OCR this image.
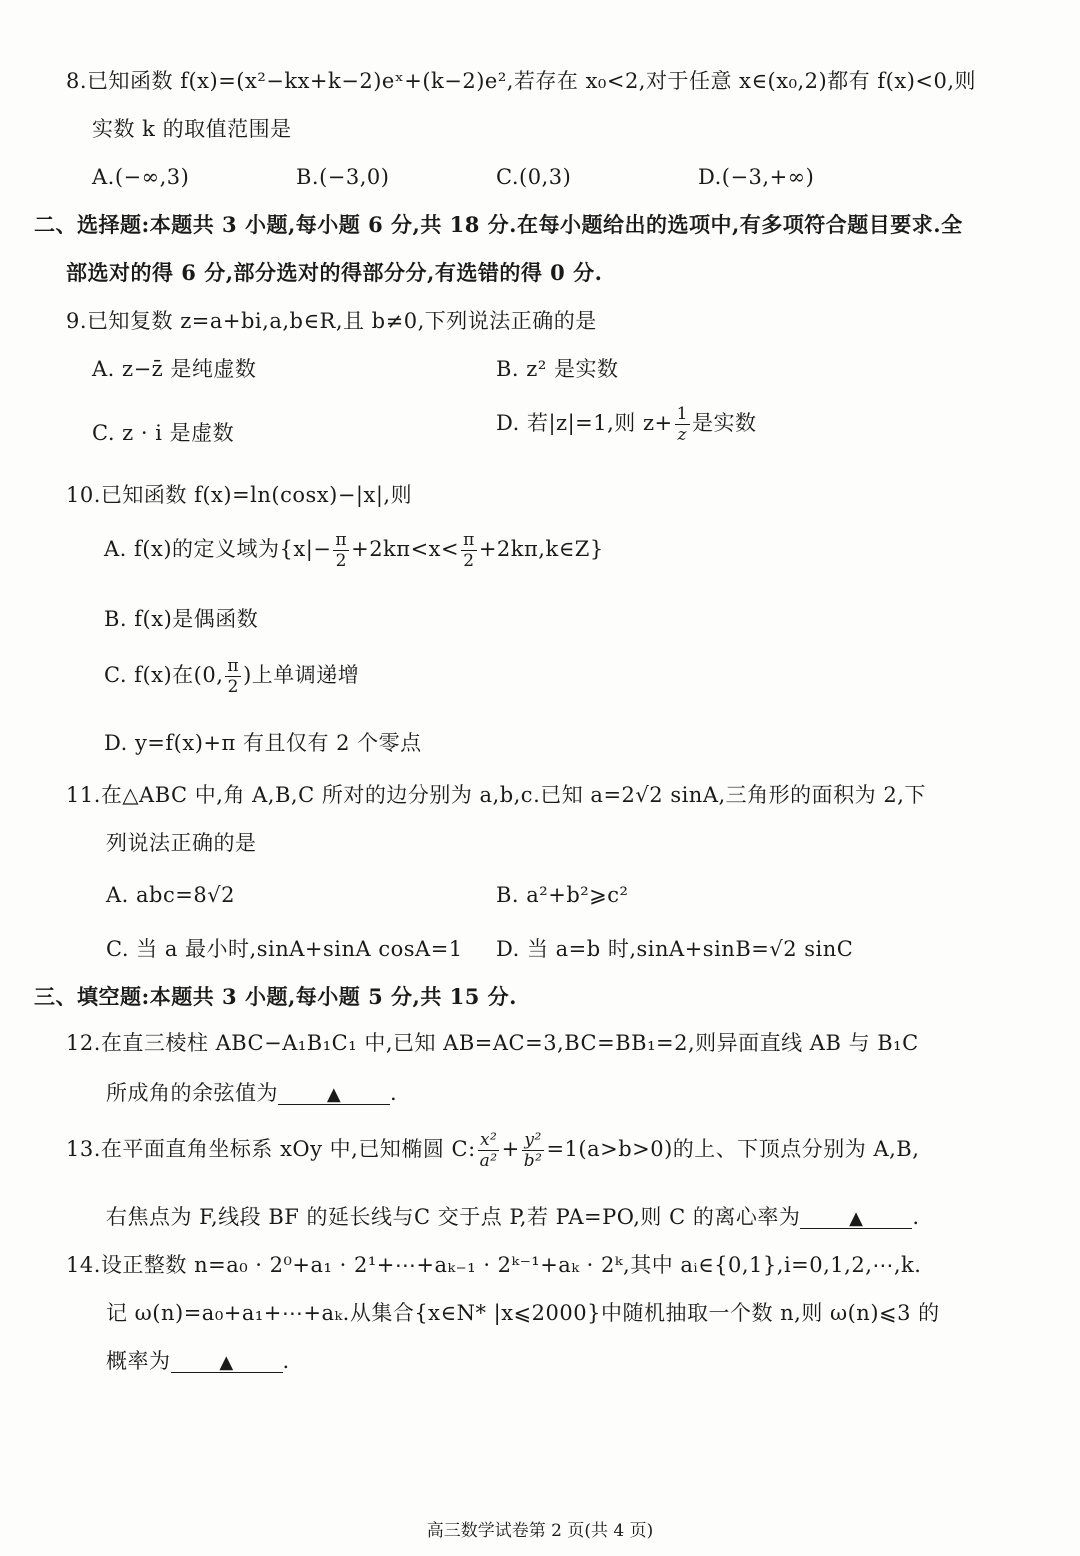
8.已知函数 f(x)=(x²−kx+k−2)eˣ+(k−2)e²,若存在 x₀<2,对于任意 x∈(x₀,2)都有 f(x)<0,则
实数 k 的取值范围是
A.(−∞,3)	B.(−3,0)	C.(0,3)	D.(−3,+∞)
二、选择题:本题共 3 小题,每小题 6 分,共 18 分.在每小题给出的选项中,有多项符合题目要求.全
部选对的得 6 分,部分选对的得部分分,有选错的得 0 分.
9.已知复数 z=a+bi,a,b∈R,且 b≠0,下列说法正确的是
A. z−z̄ 是纯虚数	B. z² 是实数
C. z · i 是虚数	D. 若|z|=1,则 $z+ \frac{1}{z}$ 是实数
10.已知函数 f(x)=ln(cosx)−|x|,则
A. f(x)的定义域为{$x|- \frac{\pi}{2} +2k\pi<x< \frac{\pi}{2}$ +2kπ,k∈Z}
B. f(x)是偶函数
C. f(x)在(0, $\frac{\pi}{2}$ )上单调递增
D. y=f(x)+π 有且仅有 2 个零点
11.在△ABC 中,角 A,B,C 所对的边分别为 a,b,c.已知 a=2√2 sinA,三角形的面积为 2,下
列说法正确的是
A. abc=8√2	B. a²+b²⩾c²
C. 当 a 最小时,sinA+sinA cosA=1 D. 当 a=b 时,sinA+sinB=√2 sinC
三、填空题:本题共 3 小题,每小题 5 分,共 15 分.
12.在直三棱柱 ABC−A₁B₁C₁ 中,已知 AB=AC=3,BC=BB₁=2,则异面直线 AB 与 B₁C
所成角的余弦值为	▲ .
13.在平面直角坐标系 xOy 中,已知椭圆 C: $\frac{\text{x²}}{\text{a²}} + \frac{\text{y²}}{\text{b²}} =1(a>b>0)$的上、下顶点分别为 A,B,
右焦点为 F,线段 BF 的延长线与C 交于点 P,若 PA=PO,则 C 的离心率为	▲ .
14.设正整数 n=a₀ · 2⁰+a₁ · 2¹+⋯+aₖ₋₁ · 2ᵏ⁻¹+aₖ · 2ᵏ,其中 aᵢ∈{0,1},i=0,1,2,⋯,k.
记 ω(n)=a₀+a₁+⋯+aₖ.从集合{x∈N* |x⩽2000}中随机抽取一个数 n,则 ω(n)⩽3 的
概率为	▲ .
高三数学试卷第 2 页(共 4 页)
